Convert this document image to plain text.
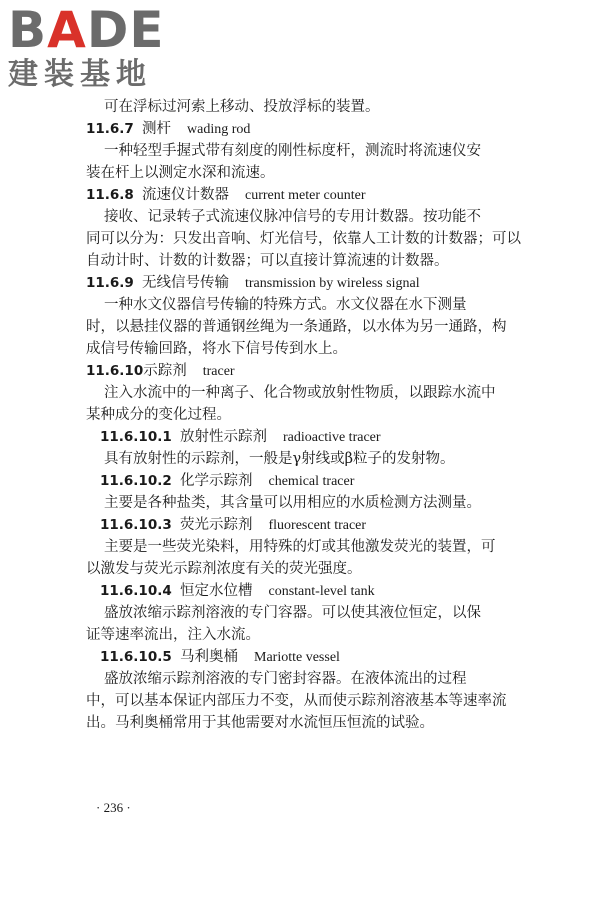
BADE
建装基地
可在浮标过河索上移动、投放浮标的装置。
11.6.7 测杆 wading rod
一种轻型手握式带有刻度的刚性标度杆，测流时将流速仪安
装在杆上以测定水深和流速。
11.6.8 流速仪计数器 current meter counter
接收、记录转子式流速仪脉冲信号的专用计数器。按功能不
同可以分为：只发出音响、灯光信号，依靠人工计数的计数器；可以
自动计时、计数的计数器；可以直接计算流速的计数器。
11.6.9 无线信号传输 transmission by wireless signal
一种水文仪器信号传输的特殊方式。水文仪器在水下测量
时，以悬挂仪器的普通钢丝绳为一条通路，以水体为另一通路，构
成信号传输回路，将水下信号传到水上。
11.6.10示踪剂 tracer
注入水流中的一种离子、化合物或放射性物质，以跟踪水流中
某种成分的变化过程。
11.6.10.1 放射性示踪剂 radioactive tracer
具有放射性的示踪剂，一般是γ射线或β粒子的发射物。
11.6.10.2 化学示踪剂 chemical tracer
主要是各种盐类，其含量可以用相应的水质检测方法测量。
11.6.10.3 荧光示踪剂 fluorescent tracer
主要是一些荧光染料，用特殊的灯或其他激发荧光的装置，可
以激发与荧光示踪剂浓度有关的荧光强度。
11.6.10.4 恒定水位槽 constant-level tank
盛放浓缩示踪剂溶液的专门容器。可以使其液位恒定，以保
证等速率流出，注入水流。
11.6.10.5 马利奥桶 Mariotte vessel
盛放浓缩示踪剂溶液的专门密封容器。在液体流出的过程
中，可以基本保证内部压力不变，从而使示踪剂溶液基本等速率流
出。马利奥桶常用于其他需要对水流恒压恒流的试验。
· 236 ·
